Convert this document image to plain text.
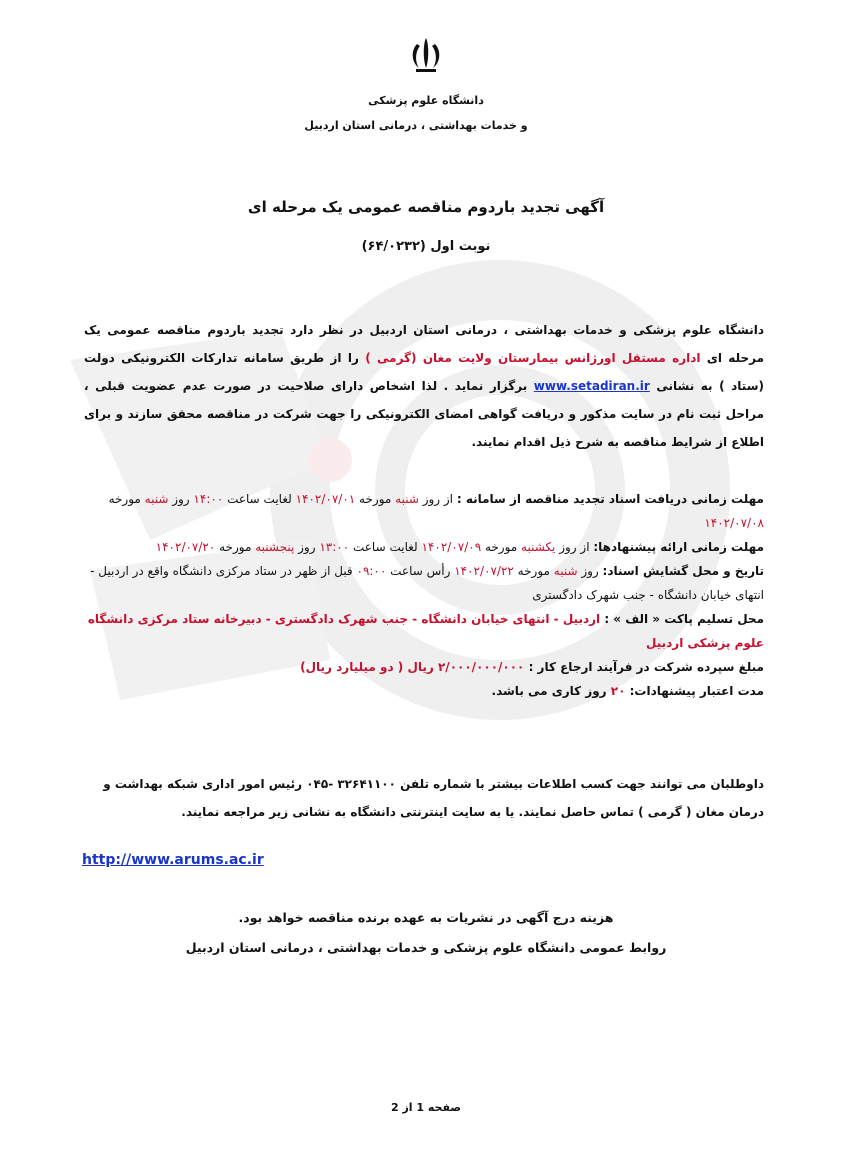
دانشگاه علوم پزشکی
و خدمات بهداشتی ، درمانی استان اردبیل
آگهی تجدید باردوم مناقصه عمومی یک مرحله ای
نوبت اول (۶۴/۰۲۳۲)
دانشگاه علوم پزشکی و خدمات بهداشتی ، درمانی استان اردبیل در نظر دارد تجدید باردوم مناقصه عمومی یک مرحله ای اداره مستقل اورژانس بیمارستان ولایت مغان (گرمی ) را از طریق سامانه تدارکات الکترونیکی دولت (ستاد ) به نشانی www.setadiran.ir برگزار نماید . لذا اشخاص دارای صلاحیت در صورت عدم عضویت قبلی ، مراحل ثبت نام در سایت مذکور و دریافت گواهی امضای الکترونیکی را جهت شرکت در مناقصه محقق سازند و برای اطلاع از شرایط مناقصه به شرح ذیل اقدام نمایند.
مهلت زمانی دریافت اسناد تجدید مناقصه از سامانه : از روز شنبه مورخه ۱۴۰۲/۰۷/۰۱ لغایت ساعت ۱۴:۰۰ روز شنبه مورخه ۱۴۰۲/۰۷/۰۸
مهلت زمانی ارائه پیشنهادها: از روز یکشنبه مورخه ۱۴۰۲/۰۷/۰۹ لغایت ساعت ۱۳:۰۰ روز پنجشنبه مورخه ۱۴۰۲/۰۷/۲۰
تاریخ و محل گشایش اسناد: روز شنبه مورخه ۱۴۰۲/۰۷/۲۲ رأس ساعت ۰۹:۰۰ قبل از ظهر در ستاد مرکزی دانشگاه واقع در اردبیل - انتهای خیابان دانشگاه - جنب شهرک دادگستری
محل تسلیم پاکت « الف » : اردبیل - انتهای خیابان دانشگاه - جنب شهرک دادگستری - دبیرخانه ستاد مرکزی دانشگاه علوم پزشکی اردبیل
مبلغ سپرده شرکت در فرآیند ارجاع کار : ۲/۰۰۰/۰۰۰/۰۰۰ ریال ( دو میلیارد ریال)
مدت اعتبار پیشنهادات: ۲۰ روز کاری می باشد.
داوطلبان می توانند جهت کسب اطلاعات بیشتر با شماره تلفن ۳۲۶۴۱۱۰۰ -۰۴۵ رئیس امور اداری شبکه بهداشت و درمان مغان ( گرمی ) تماس حاصل نمایند. یا به سایت اینترنتی دانشگاه به نشانی زیر مراجعه نمایند.
http://www.arums.ac.ir
هزینه درج آگهی در نشریات به عهده برنده مناقصه خواهد بود.
روابط عمومی دانشگاه علوم پزشکی و خدمات بهداشتی ، درمانی استان اردبیل
صفحه 1 از 2
